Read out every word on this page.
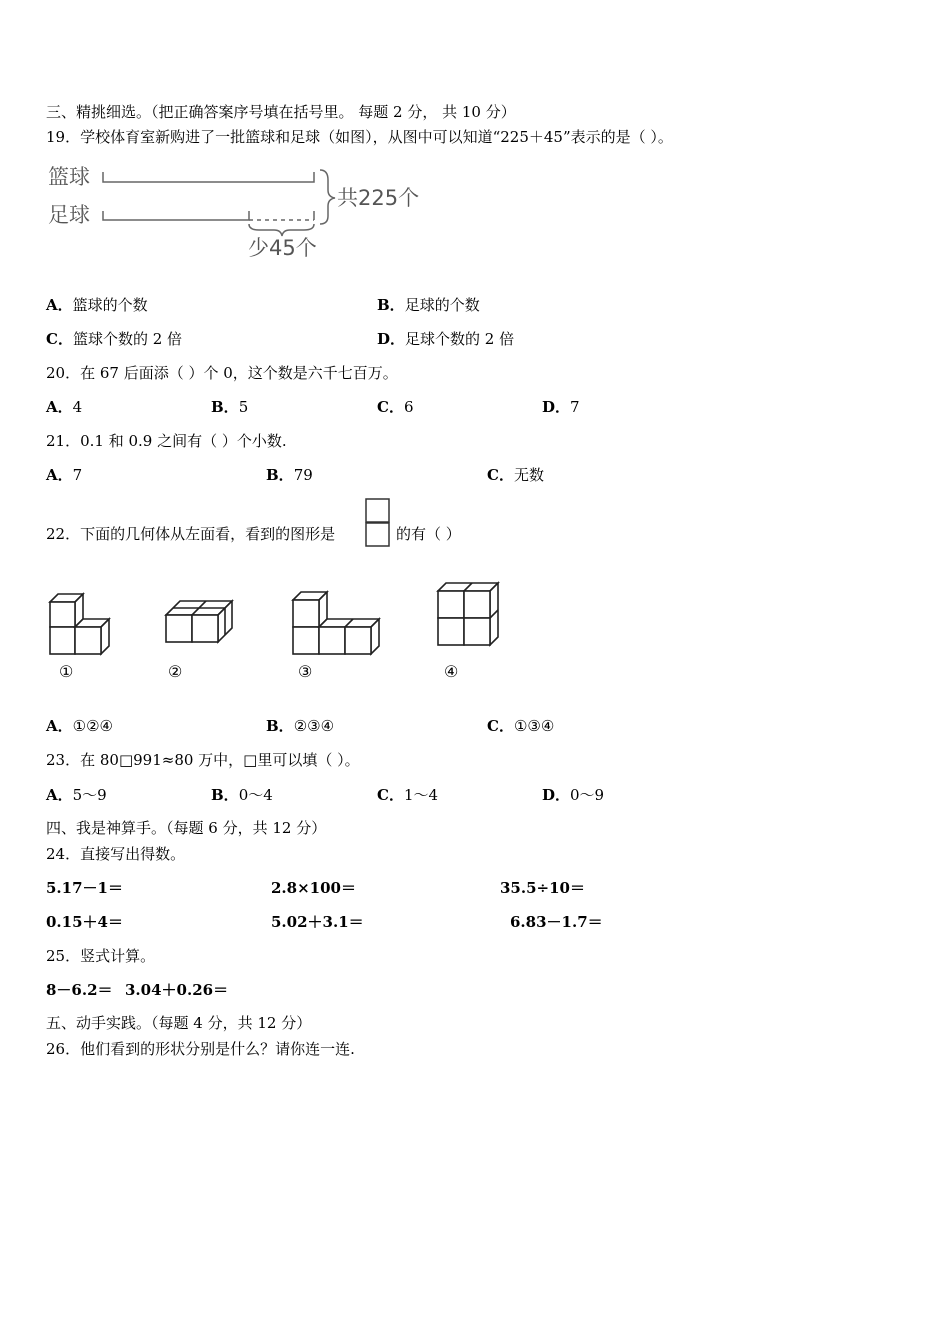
三、精挑细选。（把正确答案序号填在括号里。 每题 2 分， 共 10 分）
19．学校体育室新购进了一批篮球和足球（如图），从图中可以知道“225＋45”表示的是（ ）。
篮球
足球
共225个
少45个
A．篮球的个数	B．足球的个数
C．篮球个数的 2 倍	D．足球个数的 2 倍
20．在 67 后面添（ ）个 0，这个数是六千七百万。
A．4	B．5	C．6	D．7
21．0.1 和 0.9 之间有（ ）个小数.
A．7	B．79	C．无数
22．下面的几何体从左面看，看到的图形是	的有（ ）
①	②	③	④
A．①②④	B．②③④	C．①③④
23．在 80□991≈80 万中，□里可以填（ ）。
A．5～9	B．0～4	C．1～4	D．0～9
四、我是神算手。（每题 6 分，共 12 分）
24．直接写出得数。
5.17－1＝	2.8×100＝	35.5÷10＝
0.15＋4＝	5.02＋3.1＝	6.83－1.7＝
25．竖式计算。
8－6.2＝ 3.04＋0.26＝
五、动手实践。（每题 4 分，共 12 分）
26．他们看到的形状分别是什么？请你连一连.
